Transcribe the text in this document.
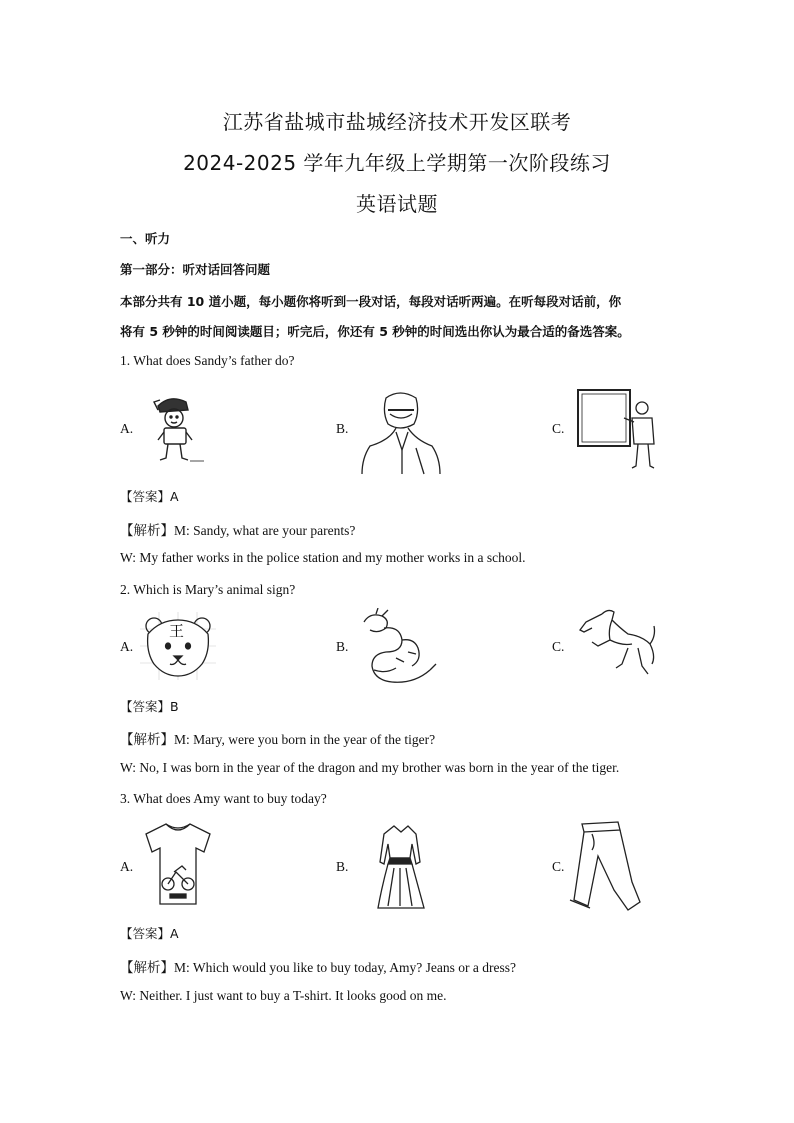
江苏省盐城市盐城经济技术开发区联考
2024-2025 学年九年级上学期第一次阶段练习
英语试题
一、听力
第一部分：听对话回答问题
本部分共有 10 道小题，每小题你将听到一段对话，每段对话听两遍。在听每段对话前，你
将有 5 秒钟的时间阅读题目；听完后，你还有 5 秒钟的时间选出你认为最合适的备选答案。
1. What does Sandy’s father do?
A.	B.	C.
【答案】A
【解析】M: Sandy, what are your parents?
W: My father works in the police station and my mother works in a school.
2. Which is Mary’s animal sign?
A.
王
B.	C.
【答案】B
【解析】M: Mary, were you born in the year of the tiger?
W: No, I was born in the year of the dragon and my brother was born in the year of the tiger.
3. What does Amy want to buy today?
A.	B.	C.
【答案】A
【解析】M: Which would you like to buy today, Amy? Jeans or a dress?
W: Neither. I just want to buy a T-shirt. It looks good on me.
